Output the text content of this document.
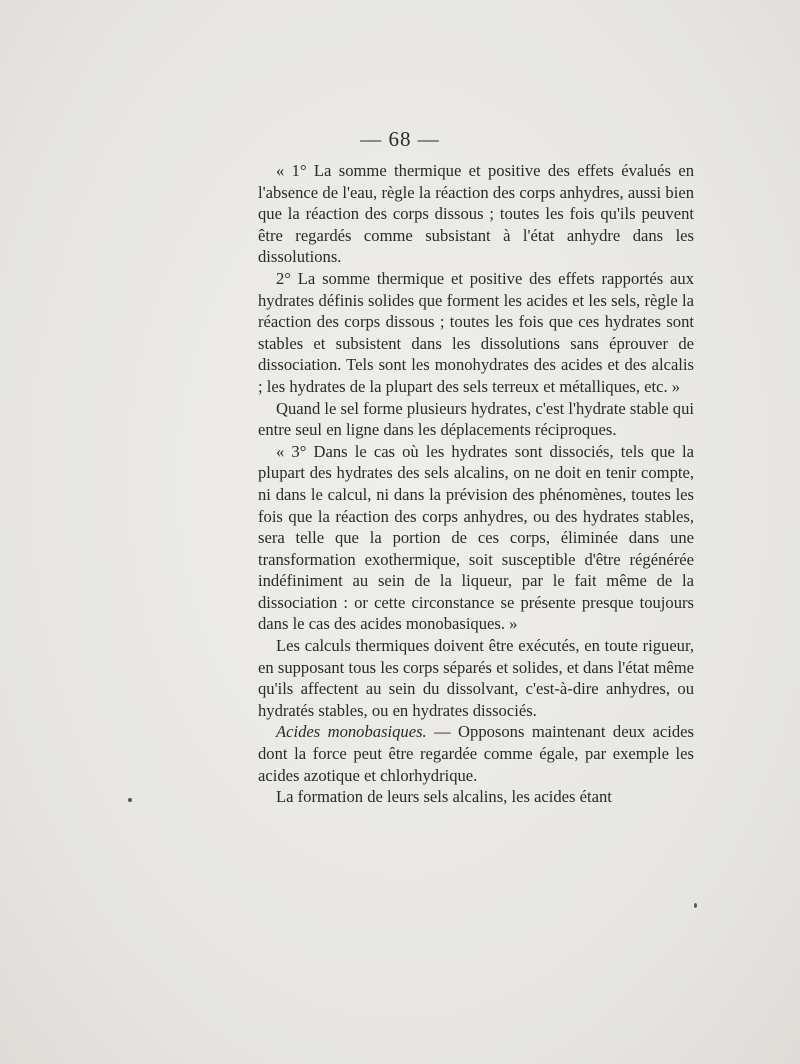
— 68 —

« 1° La somme thermique et positive des effets évalués en l'absence de l'eau, règle la réaction des corps anhydres, aussi bien que la réaction des corps dissous ; toutes les fois qu'ils peuvent être regardés comme subsistant à l'état anhydre dans les dissolutions.

2° La somme thermique et positive des effets rapportés aux hydrates définis solides que forment les acides et les sels, règle la réaction des corps dissous ; toutes les fois que ces hydrates sont stables et subsistent dans les dissolutions sans éprouver de dissociation. Tels sont les monohydrates des acides et des alcalis ; les hydrates de la plupart des sels terreux et métalliques, etc. »

Quand le sel forme plusieurs hydrates, c'est l'hydrate stable qui entre seul en ligne dans les déplacements réciproques.

« 3° Dans le cas où les hydrates sont dissociés, tels que la plupart des hydrates des sels alcalins, on ne doit en tenir compte, ni dans le calcul, ni dans la prévision des phénomènes, toutes les fois que la réaction des corps anhydres, ou des hydrates stables, sera telle que la portion de ces corps, éliminée dans une transformation exothermique, soit susceptible d'être régénérée indéfiniment au sein de la liqueur, par le fait même de la dissociation : or cette circonstance se présente presque toujours dans le cas des acides monobasiques. »

Les calculs thermiques doivent être exécutés, en toute rigueur, en supposant tous les corps séparés et solides, et dans l'état même qu'ils affectent au sein du dissolvant, c'est-à-dire anhydres, ou hydratés stables, ou en hydrates dissociés.

Acides monobasiques. — Opposons maintenant deux acides dont la force peut être regardée comme égale, par exemple les acides azotique et chlorhydrique.

La formation de leurs sels alcalins, les acides étant
